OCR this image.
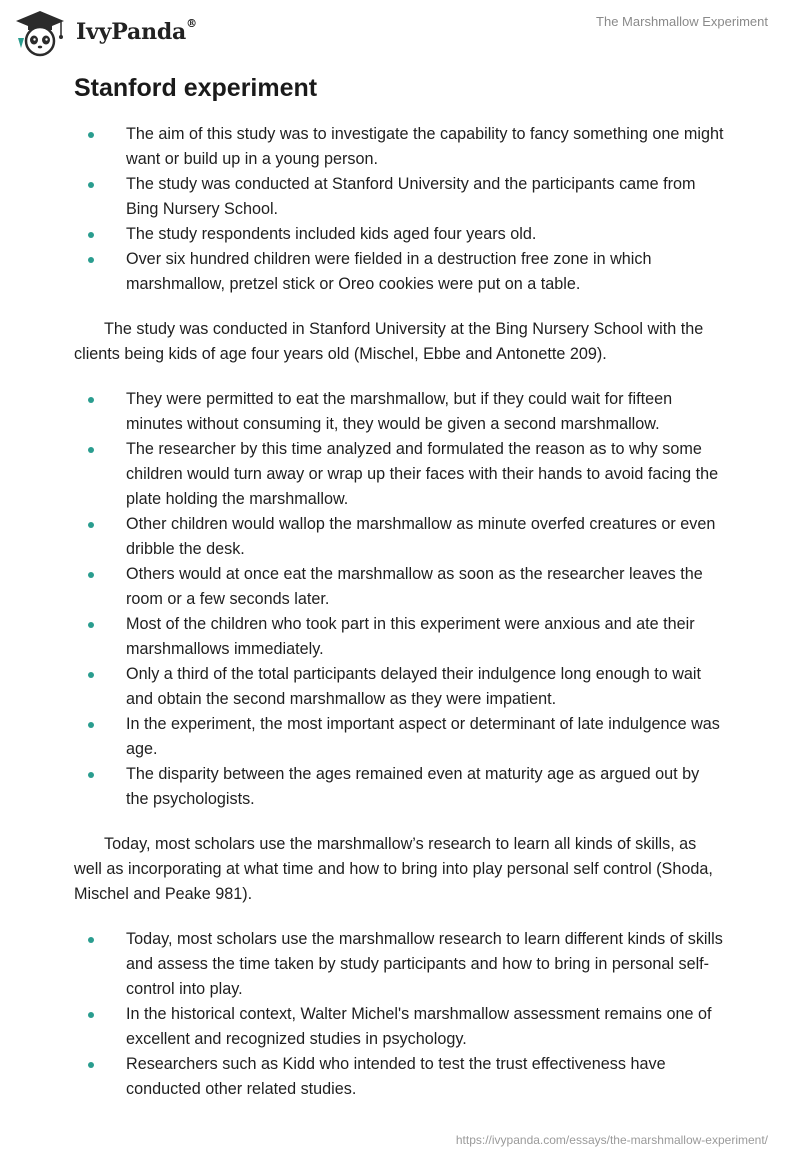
IvyPanda®	The Marshmallow Experiment
Stanford experiment
The aim of this study was to investigate the capability to fancy something one might want or build up in a young person.
The study was conducted at Stanford University and the participants came from Bing Nursery School.
The study respondents included kids aged four years old.
Over six hundred children were fielded in a destruction free zone in which marshmallow, pretzel stick or Oreo cookies were put on a table.

The study was conducted in Stanford University at the Bing Nursery School with the clients being kids of age four years old (Mischel, Ebbe and Antonette 209).

They were permitted to eat the marshmallow, but if they could wait for fifteen minutes without consuming it, they would be given a second marshmallow.
The researcher by this time analyzed and formulated the reason as to why some children would turn away or wrap up their faces with their hands to avoid facing the plate holding the marshmallow.
Other children would wallop the marshmallow as minute overfed creatures or even dribble the desk.
Others would at once eat the marshmallow as soon as the researcher leaves the room or a few seconds later.
Most of the children who took part in this experiment were anxious and ate their marshmallows immediately.
Only a third of the total participants delayed their indulgence long enough to wait and obtain the second marshmallow as they were impatient.
In the experiment, the most important aspect or determinant of late indulgence was age.
The disparity between the ages remained even at maturity age as argued out by the psychologists.

Today, most scholars use the marshmallow’s research to learn all kinds of skills, as well as incorporating at what time and how to bring into play personal self control (Shoda, Mischel and Peake 981).

Today, most scholars use the marshmallow research to learn different kinds of skills and assess the time taken by study participants and how to bring in personal self- control into play.
In the historical context, Walter Michel's marshmallow assessment remains one of excellent and recognized studies in psychology.
Researchers such as Kidd who intended to test the trust effectiveness have conducted other related studies.
https://ivypanda.com/essays/the-marshmallow-experiment/
